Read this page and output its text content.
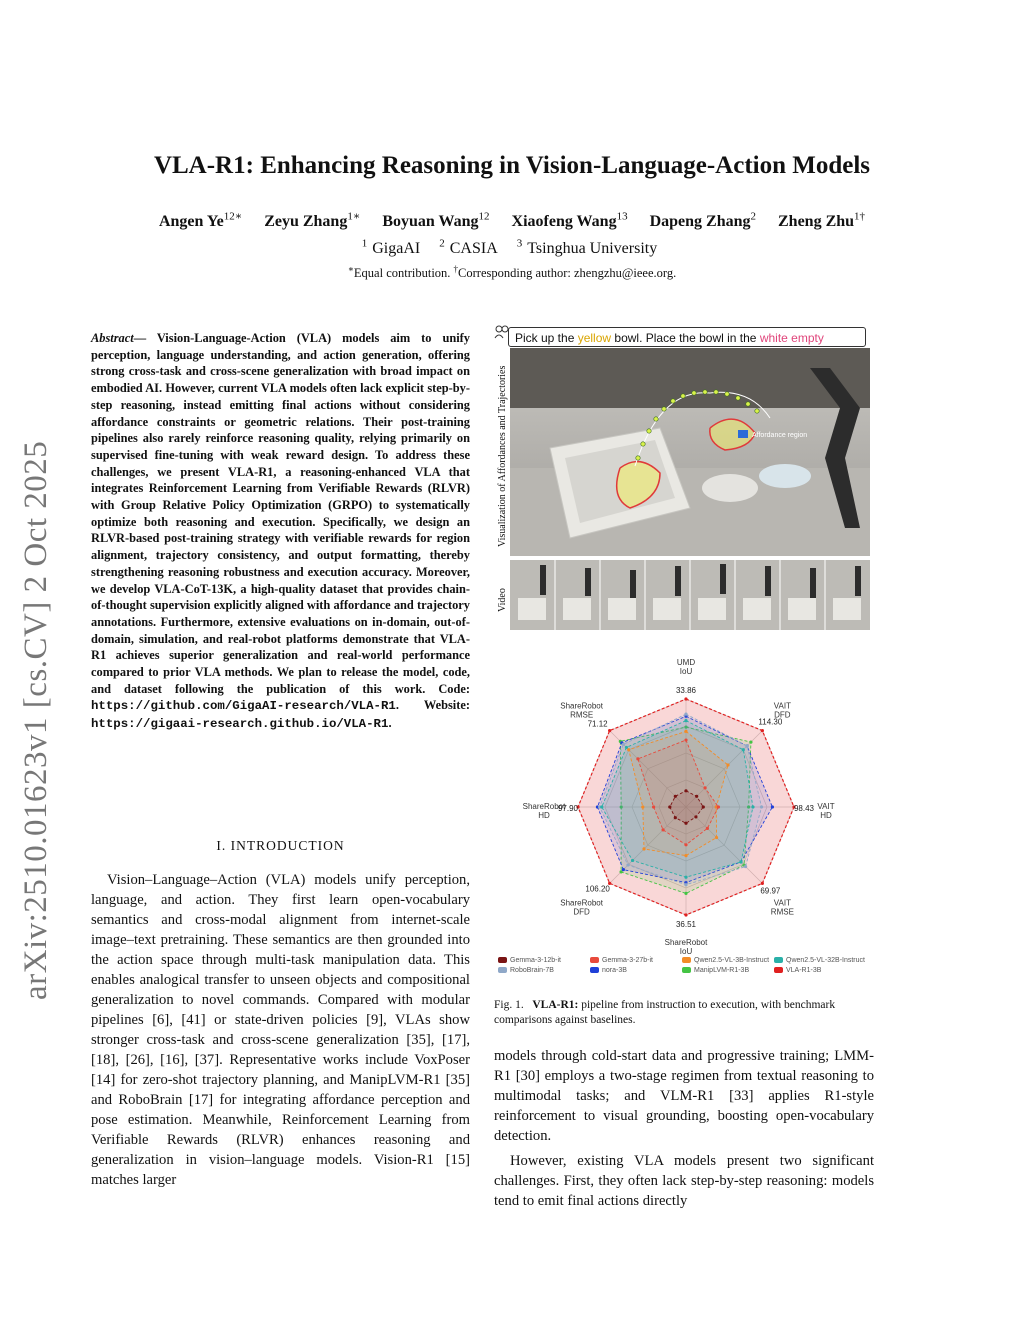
arXiv:2510.01623v1 [cs.CV] 2 Oct 2025
VLA-R1: Enhancing Reasoning in Vision-Language-Action Models
Angen $Ye^{12∗}$ Zeyu Zhang$^{1∗}$ Boyuan Wang$^{12}$ Xiaofeng Wang$^{13}$ Dapeng Zhang$^2$ Zheng Zhu$^{1\dagger}$
$^1$ GigaAI $^2$ CASIA $^3$ Tsinghua University
∗Equal contribution. †Corresponding author: zhengzhu@ieee.org.
Abstract— Vision-Language-Action (VLA) models aim to unify perception, language understanding, and action generation, offering strong cross-task and cross-scene generalization with broad impact on embodied AI. However, current VLA models often lack explicit step-by-step reasoning, instead emitting final actions without considering affordance constraints or geometric relations. Their post-training pipelines also rarely reinforce reasoning quality, relying primarily on supervised fine-tuning with weak reward design. To address these challenges, we present VLA-R1, a reasoning-enhanced VLA that integrates Reinforcement Learning from Verifiable Rewards (RLVR) with Group Relative Policy Optimization (GRPO) to systematically optimize both reasoning and execution. Specifically, we design an RLVR-based post-training strategy with verifiable rewards for region alignment, trajectory consistency, and output formatting, thereby strengthening reasoning robustness and execution accuracy. Moreover, we develop VLA-CoT-13K, a high-quality dataset that provides chain-of-thought supervision explicitly aligned with affordance and trajectory annotations. Furthermore, extensive evaluations on in-domain, out-of-domain, simulation, and real-robot platforms demonstrate that VLA-R1 achieves superior generalization and real-world performance compared to prior VLA methods. We plan to release the model, code, and dataset following the publication of this work. Code: https://github.com/GigaAI-research/VLA-R1. Website: https://gigaai-research.github.io/VLA-R1.
I. INTRODUCTION
Vision–Language–Action (VLA) models unify perception, language, and action. They first learn open-vocabulary semantics and cross-modal alignment from internet-scale image–text pretraining. These semantics are then grounded into the action space through multi-task manipulation data. This enables analogical transfer to unseen objects and compositional generalization to novel commands. Compared with modular pipelines [6], [41] or state-driven policies [9], VLAs show stronger cross-task and cross-scene generalization [35], [17], [18], [26], [16], [37]. Representative works include VoxPoser [14] for zero-shot trajectory planning, and ManipLVM-R1 [35] and RoboBrain [17] for integrating affordance perception and pose estimation. Meanwhile, Reinforcement Learning from Verifiable Rewards (RLVR) enhances reasoning and generalization in vision–language models. Vision-R1 [15] matches larger
Pick up the yellow bowl. Place the bowl in the white empty
Visualization of Affordances and Trajectories
Video
Affordance region
UMD
IoU
33.86
VAIT
DFD
114.30
VAIT
HD
98.43
VAIT
RMSE
69.97
ShareRobot
IoU
36.51
ShareRobot
DFD
106.20
ShareRobot
HD
97.90
ShareRobot
RMSE
71.12
Gemma-3-12b-it	Gemma-3-27b-it	Qwen2.5-VL-3B-Instruct	Qwen2.5-VL-32B-Instruct
RoboBrain-7B	nora-3B	ManipLVM-R1-3B	VLA-R1-3B
Fig. 1. VLA-R1: pipeline from instruction to execution, with benchmark comparisons against baselines.

models through cold-start data and progressive training; LMM-R1 [30] employs a two-stage regimen from textual reasoning to multimodal tasks; and VLM-R1 [33] applies R1-style reinforcement to visual grounding, boosting open-vocabulary detection.

However, existing VLA models present two significant challenges. First, they often lack step-by-step reasoning: models tend to emit final actions directly
